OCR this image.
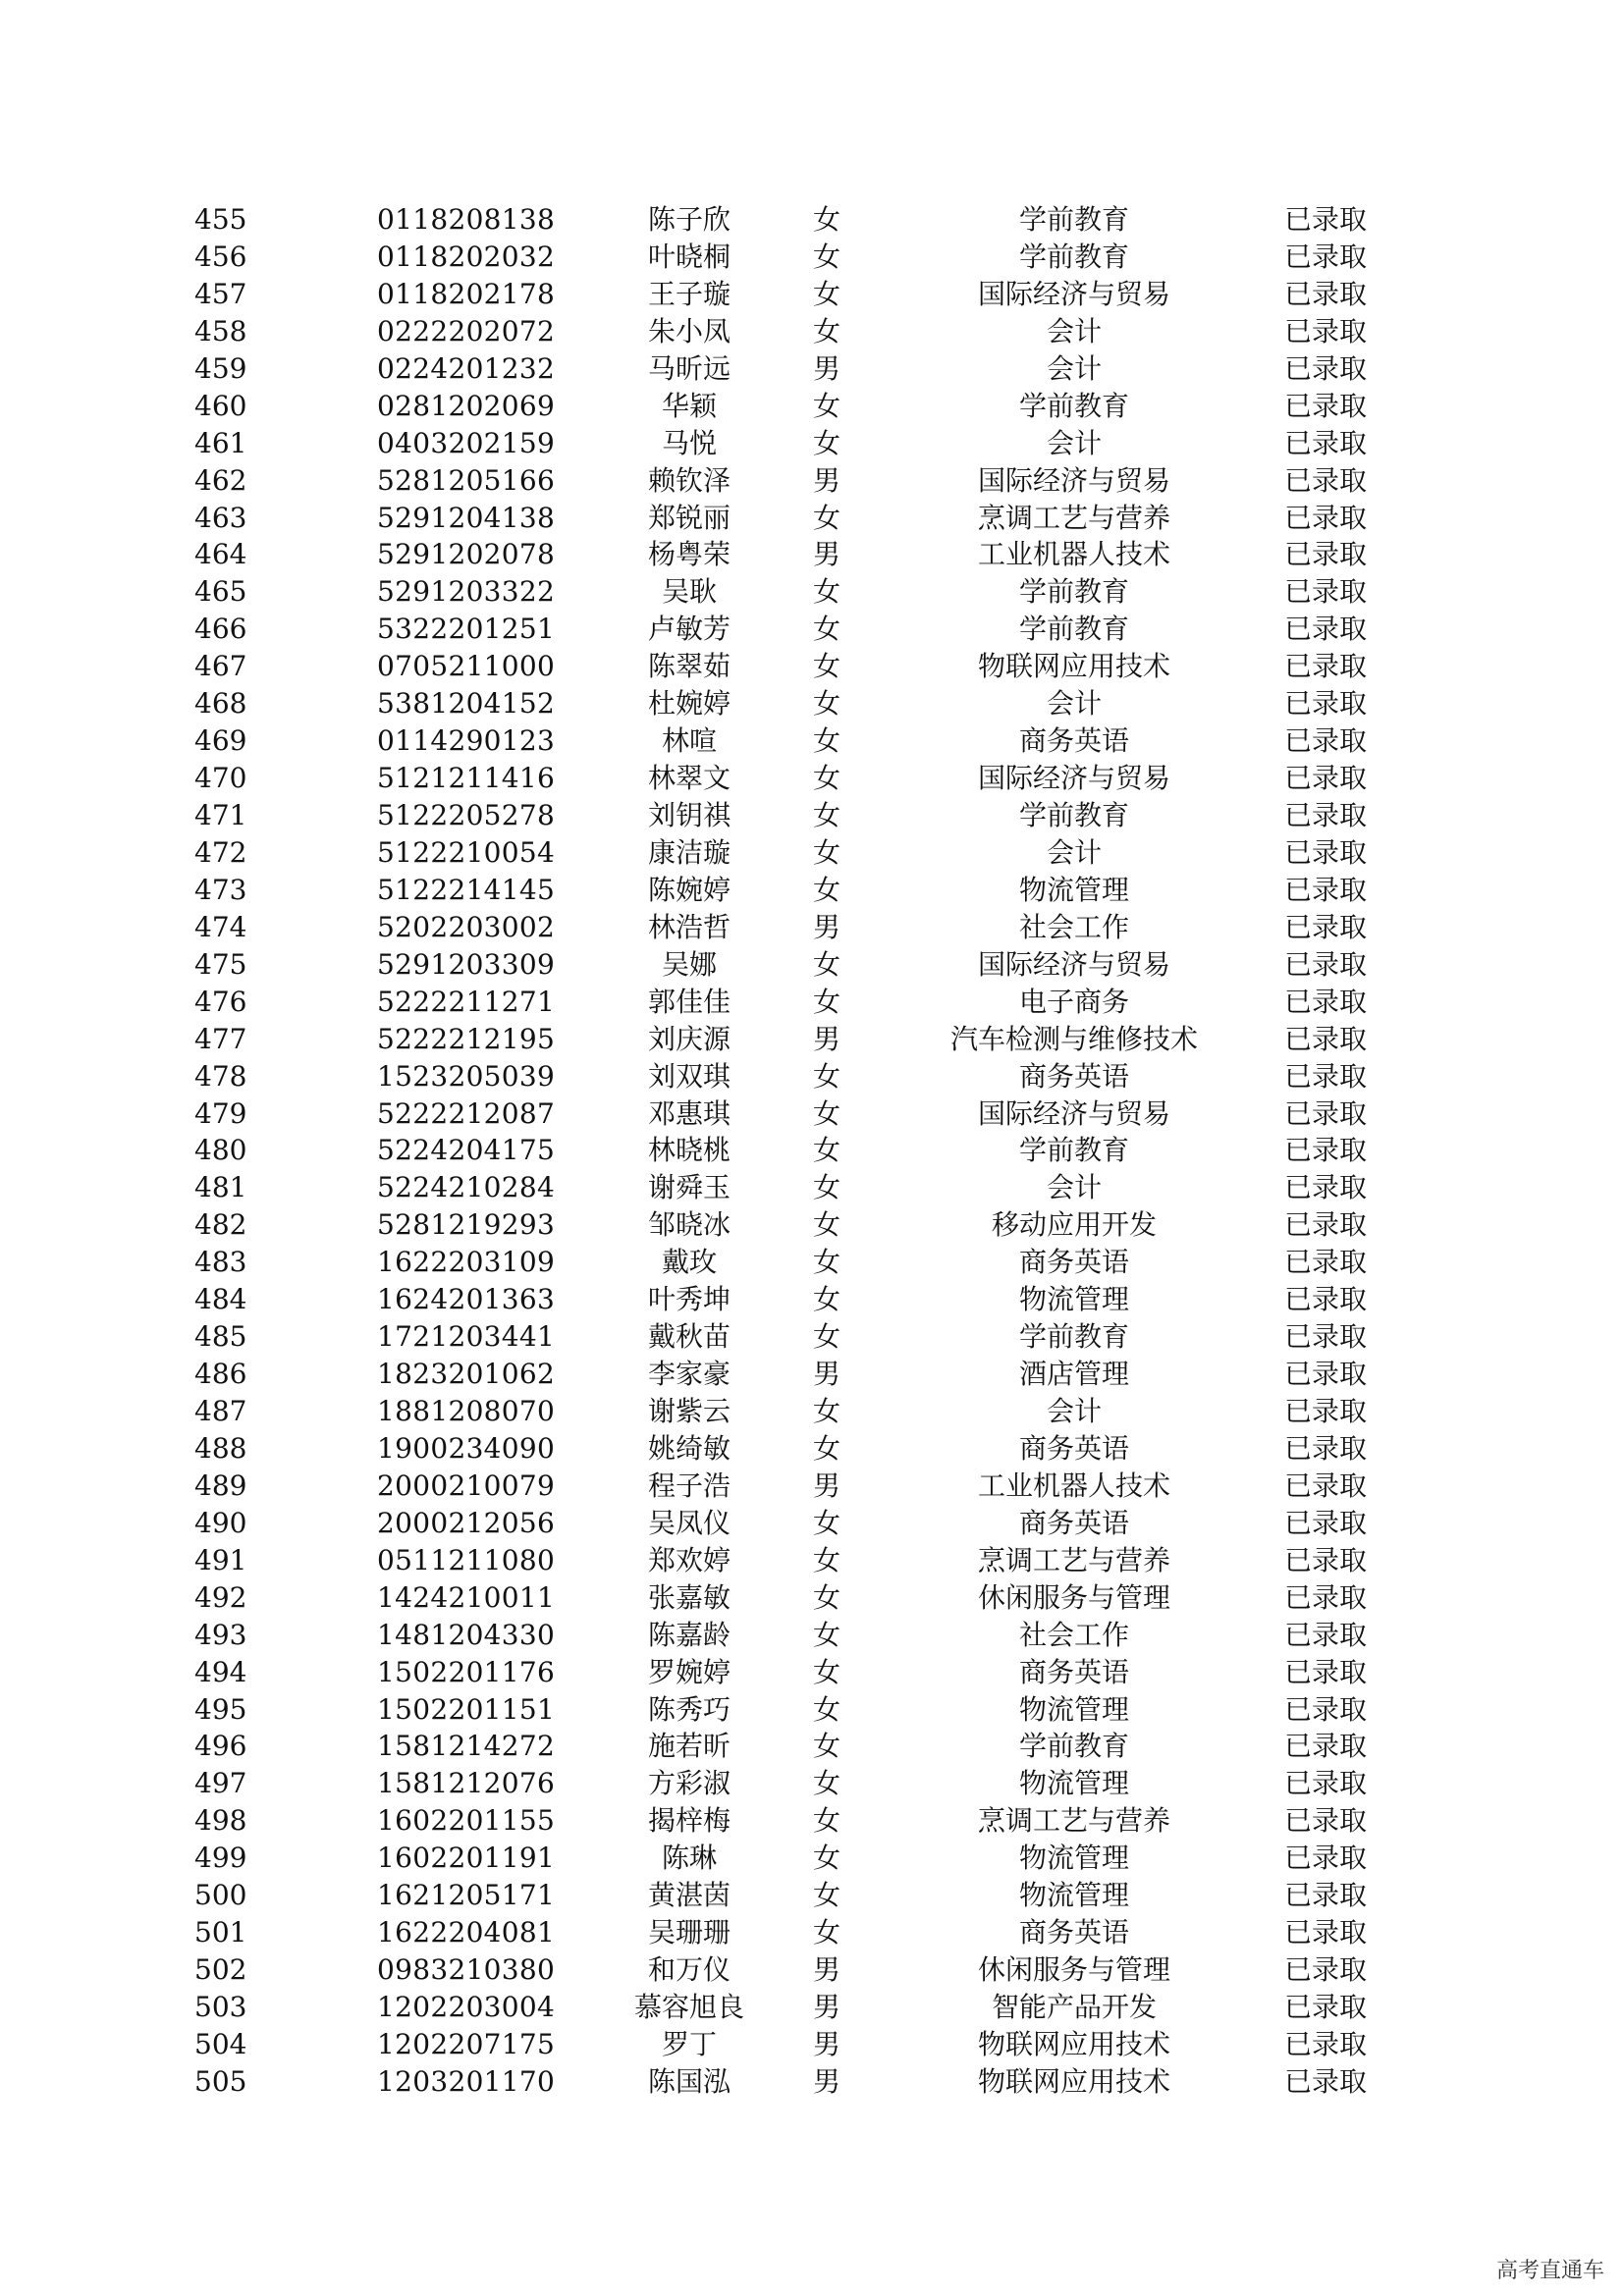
455	0118208138	陈子欣	女	学前教育	已录取
456	0118202032	叶晓桐	女	学前教育	已录取
457	0118202178	王子璇	女	国际经济与贸易	已录取
458	0222202072	朱小凤	女	会计	已录取
459	0224201232	马昕远	男	会计	已录取
460	0281202069	华颖	女	学前教育	已录取
461	0403202159	马悦	女	会计	已录取
462	5281205166	赖钦泽	男	国际经济与贸易	已录取
463	5291204138	郑锐丽	女	烹调工艺与营养	已录取
464	5291202078	杨粤荣	男	工业机器人技术	已录取
465	5291203322	吴耿	女	学前教育	已录取
466	5322201251	卢敏芳	女	学前教育	已录取
467	0705211000	陈翠茹	女	物联网应用技术	已录取
468	5381204152	杜婉婷	女	会计	已录取
469	0114290123	林喧	女	商务英语	已录取
470	5121211416	林翠文	女	国际经济与贸易	已录取
471	5122205278	刘钥祺	女	学前教育	已录取
472	5122210054	康洁璇	女	会计	已录取
473	5122214145	陈婉婷	女	物流管理	已录取
474	5202203002	林浩哲	男	社会工作	已录取
475	5291203309	吴娜	女	国际经济与贸易	已录取
476	5222211271	郭佳佳	女	电子商务	已录取
477	5222212195	刘庆源	男	汽车检测与维修技术	已录取
478	1523205039	刘双琪	女	商务英语	已录取
479	5222212087	邓惠琪	女	国际经济与贸易	已录取
480	5224204175	林晓桃	女	学前教育	已录取
481	5224210284	谢舜玉	女	会计	已录取
482	5281219293	邹晓冰	女	移动应用开发	已录取
483	1622203109	戴玫	女	商务英语	已录取
484	1624201363	叶秀坤	女	物流管理	已录取
485	1721203441	戴秋苗	女	学前教育	已录取
486	1823201062	李家豪	男	酒店管理	已录取
487	1881208070	谢紫云	女	会计	已录取
488	1900234090	姚绮敏	女	商务英语	已录取
489	2000210079	程子浩	男	工业机器人技术	已录取
490	2000212056	吴凤仪	女	商务英语	已录取
491	0511211080	郑欢婷	女	烹调工艺与营养	已录取
492	1424210011	张嘉敏	女	休闲服务与管理	已录取
493	1481204330	陈嘉龄	女	社会工作	已录取
494	1502201176	罗婉婷	女	商务英语	已录取
495	1502201151	陈秀巧	女	物流管理	已录取
496	1581214272	施若昕	女	学前教育	已录取
497	1581212076	方彩淑	女	物流管理	已录取
498	1602201155	揭梓梅	女	烹调工艺与营养	已录取
499	1602201191	陈琳	女	物流管理	已录取
500	1621205171	黄湛茵	女	物流管理	已录取
501	1622204081	吴珊珊	女	商务英语	已录取
502	0983210380	和万仪	男	休闲服务与管理	已录取
503	1202203004	慕容旭良 男	智能产品开发	已录取
504	1202207175	罗丁	男	物联网应用技术	已录取
505	1203201170	陈国泓	男	物联网应用技术	已录取
高考直通车
